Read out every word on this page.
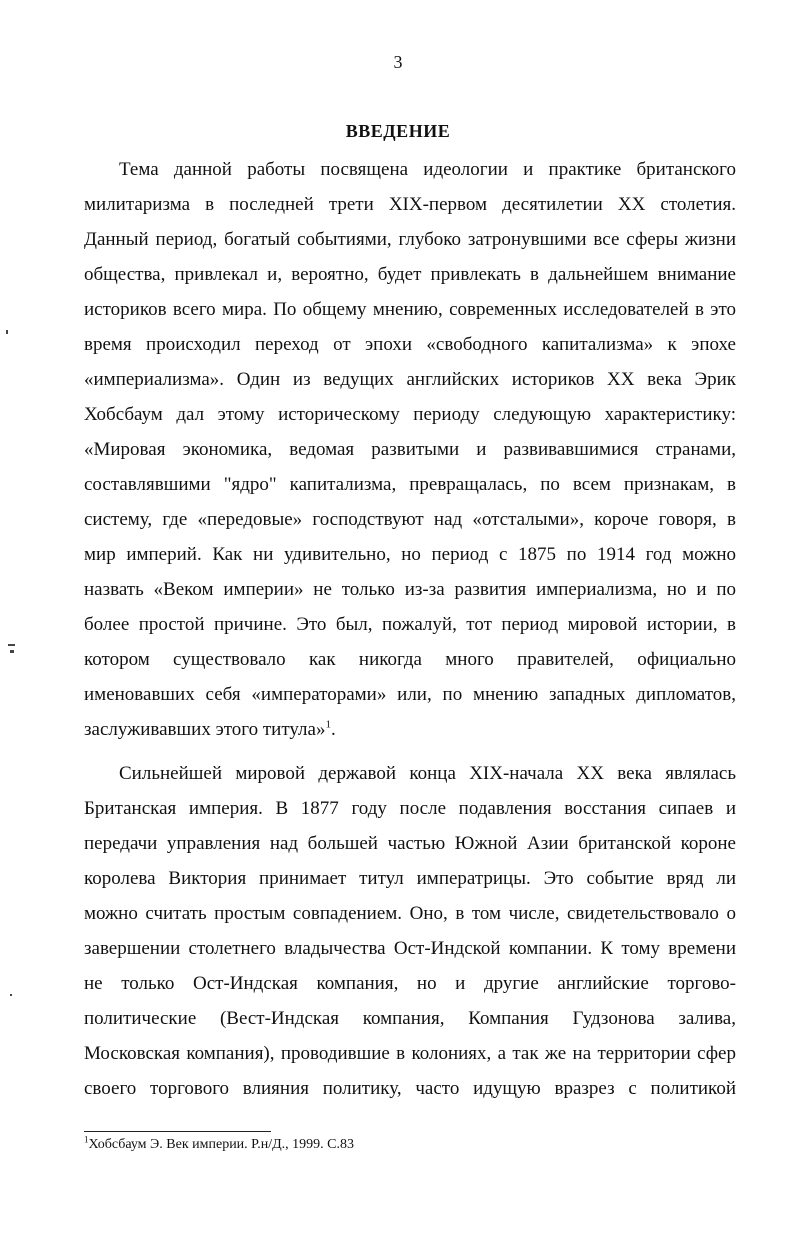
3
ВВЕДЕНИЕ
Тема данной работы посвящена идеологии и практике британского
милитаризма в последней трети XIX-первом десятилетии XX столетия.
Данный период, богатый событиями, глубоко затронувшими все сферы жизни
общества, привлекал и, вероятно, будет привлекать в дальнейшем внимание
историков всего мира. По общему мнению, современных исследователей в это
время происходил переход от эпохи «свободного капитализма» к эпохе
«империализма». Один из ведущих английских историков XX века Эрик
Хобсбаум дал этому историческому периоду следующую характеристику:
«Мировая экономика, ведомая развитыми и развивавшимися странами,
составлявшими "ядро" капитализма, превращалась, по всем признакам, в
систему, где «передовые» господствуют над «отсталыми», короче говоря, в
мир империй. Как ни удивительно, но период с 1875 по 1914 год можно
назвать «Веком империи» не только из-за развития империализма, но и по
более простой причине. Это был, пожалуй, тот период мировой истории, в
котором существовало как никогда много правителей, официально
именовавших себя «императорами» или, по мнению западных дипломатов,
заслуживавших этого титула»$^1$.
Сильнейшей мировой державой конца XIX-начала XX века являлась
Британская империя. В 1877 году после подавления восстания сипаев и
передачи управления над большей частью Южной Азии британской короне
королева Виктория принимает титул императрицы. Это событие вряд ли
можно считать простым совпадением. Оно, в том числе, свидетельствовало о
завершении столетнего владычества Ост-Индской компании. К тому времени
не только Ост-Индская компания, но и другие английские торгово-
политические (Вест-Индская компания, Компания Гудзонова залива,
Московская компания), проводившие в колониях, а так же на территории сфер
своего торгового влияния политику, часто идущую вразрез с политикой
$^1$Хобсбаум Э. Век империи. Р.н/Д., 1999. С.83
